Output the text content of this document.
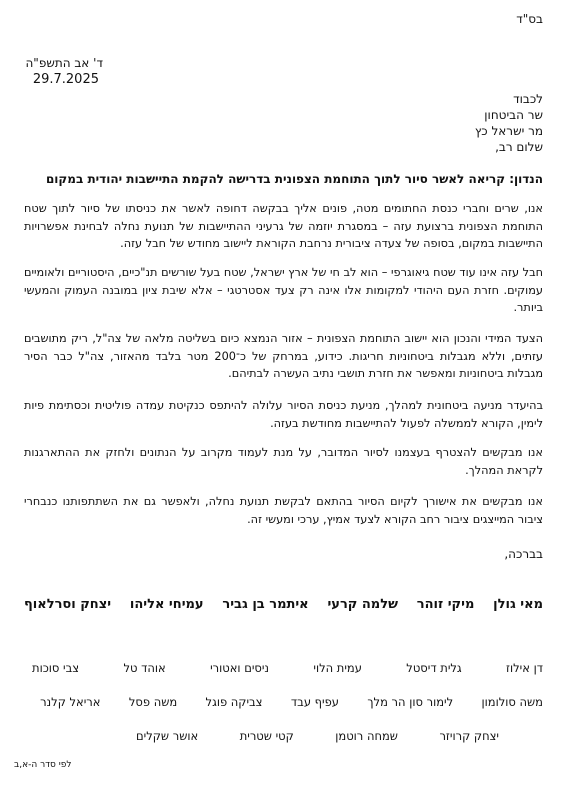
בס"ד
ד' אב התשפ"ה
29.7.2025
לכבוד
שר הביטחון
מר ישראל כץ
שלום רב,
הנדון: קריאה לאשר סיור לתוך התוחמת הצפונית בדרישה להקמת התיישבות יהודית במקום
אנו, שרים וחברי כנסת החתומים מטה, פונים אליך בבקשה דחופה לאשר את כניסתו של סיור לתוך שטח התוחמת הצפונית ברצועת עזה – במסגרת יוזמה של גרעיני ההתיישבות של תנועת נחלה לבחינת אפשרויות התיישבות במקום, בסופה של צעדה ציבורית נרחבת הקוראת ליישוב מחודש של חבל עזה.
חבל עזה אינו עוד שטח גיאוגרפי – הוא לב חי של ארץ ישראל, שטח בעל שורשים תנ"כיים, היסטוריים ולאומיים עמוקים. חזרת העם היהודי למקומות אלו אינה רק צעד אסטרטגי – אלא שיבת ציון במובנה העמוק והמעשי ביותר.
הצעד המידי והנכון הוא יישוב התוחמת הצפונית – אזור הנמצא כיום בשליטה מלאה של צה"ל, ריק מתושבים עזתים, וללא מגבלות ביטחוניות חריגות. כידוע, במרחק של כ־200 מטר בלבד מהאזור, צה"ל כבר הסיר מגבלות ביטחוניות ומאפשר את חזרת תושבי נתיב העשרה לבתיהם.
בהיעדר מניעה ביטחונית למהלך, מניעת כניסת הסיור עלולה להיתפס כנקיטת עמדה פוליטית וכסתימת פיות לימין, הקורא לממשלה לפעול להתיישבות מחודשת בעזה.
אנו מבקשים להצטרף בעצמנו לסיור המדובר, על מנת לעמוד מקרוב על הנתונים ולחזק את ההתארגנות לקראת המהלך.
אנו מבקשים את אישורך לקיום הסיור בהתאם לבקשת תנועת נחלה, ולאפשר גם את השתתפותנו כנבחרי ציבור המייצגים ציבור רחב הקורא לצעד אמיץ, ערכי ומעשי זה.
בברכה,
מאי גולן
מיקי זוהר
שלמה קרעי
איתמר בן גביר
עמיחי אליהו
יצחק וסרלאוף
דן אילוז
גלית דיסטל
עמית הלוי
ניסים ואטורי
אוהד טל
צבי סוכות
משה סולומון
לימור סון הר מלך
עפיף עבד
צביקה פוגל
משה פסל
אריאל קלנר
יצחק קרויזר
שמחה רוטמן
קטי שטרית
אושר שקלים
לפי סדר ה-א,ב
